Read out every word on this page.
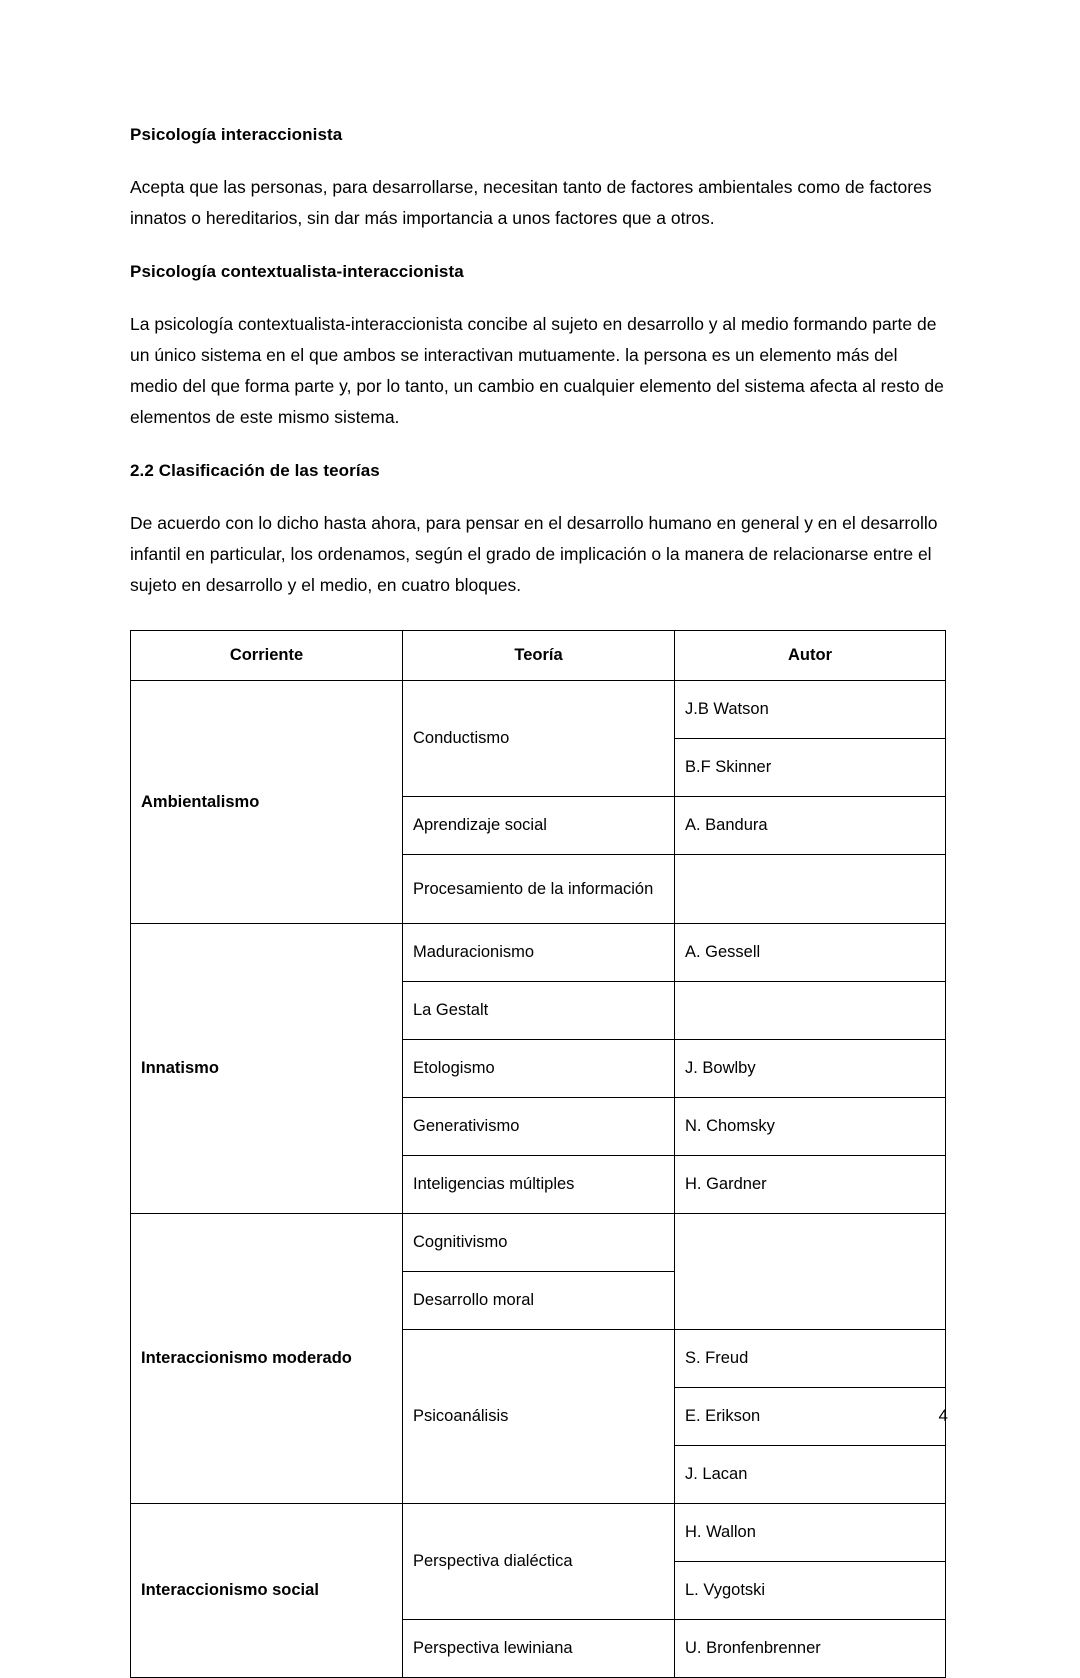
Psicología interaccionista

Acepta que las personas, para desarrollarse, necesitan tanto de factores ambientales como de factores innatos o hereditarios, sin dar más importancia a unos factores que a otros.

Psicología contextualista-interaccionista

La psicología contextualista-interaccionista concibe al sujeto en desarrollo y al medio formando parte de un único sistema en el que ambos se interactivan mutuamente. la persona es un elemento más del medio del que forma parte y, por lo tanto, un cambio en cualquier elemento del sistema afecta al resto de elementos de este mismo sistema.

2.2 Clasificación de las teorías

De acuerdo con lo dicho hasta ahora, para pensar en el desarrollo humano en general y en el desarrollo infantil en particular, los ordenamos, según el grado de implicación o la manera de relacionarse entre el sujeto en desarrollo y el medio, en cuatro bloques.

Corriente	Teoría	Autor
Ambientalismo	Conductismo	J.B Watson
		B.F Skinner
	Aprendizaje social	A. Bandura
	Procesamiento de la información	
Innatismo	Maduracionismo	A. Gessell
	La Gestalt	
	Etologismo	J. Bowlby
	Generativismo	N. Chomsky
	Inteligencias múltiples	H. Gardner
Interaccionismo moderado	Cognitivismo	
	Desarrollo moral	
	Psicoanálisis	S. Freud
		E. Erikson
		J. Lacan
Interaccionismo social	Perspectiva dialéctica	H. Wallon
		L. Vygotski
	Perspectiva lewiniana	U. Bronfenbrenner
4
